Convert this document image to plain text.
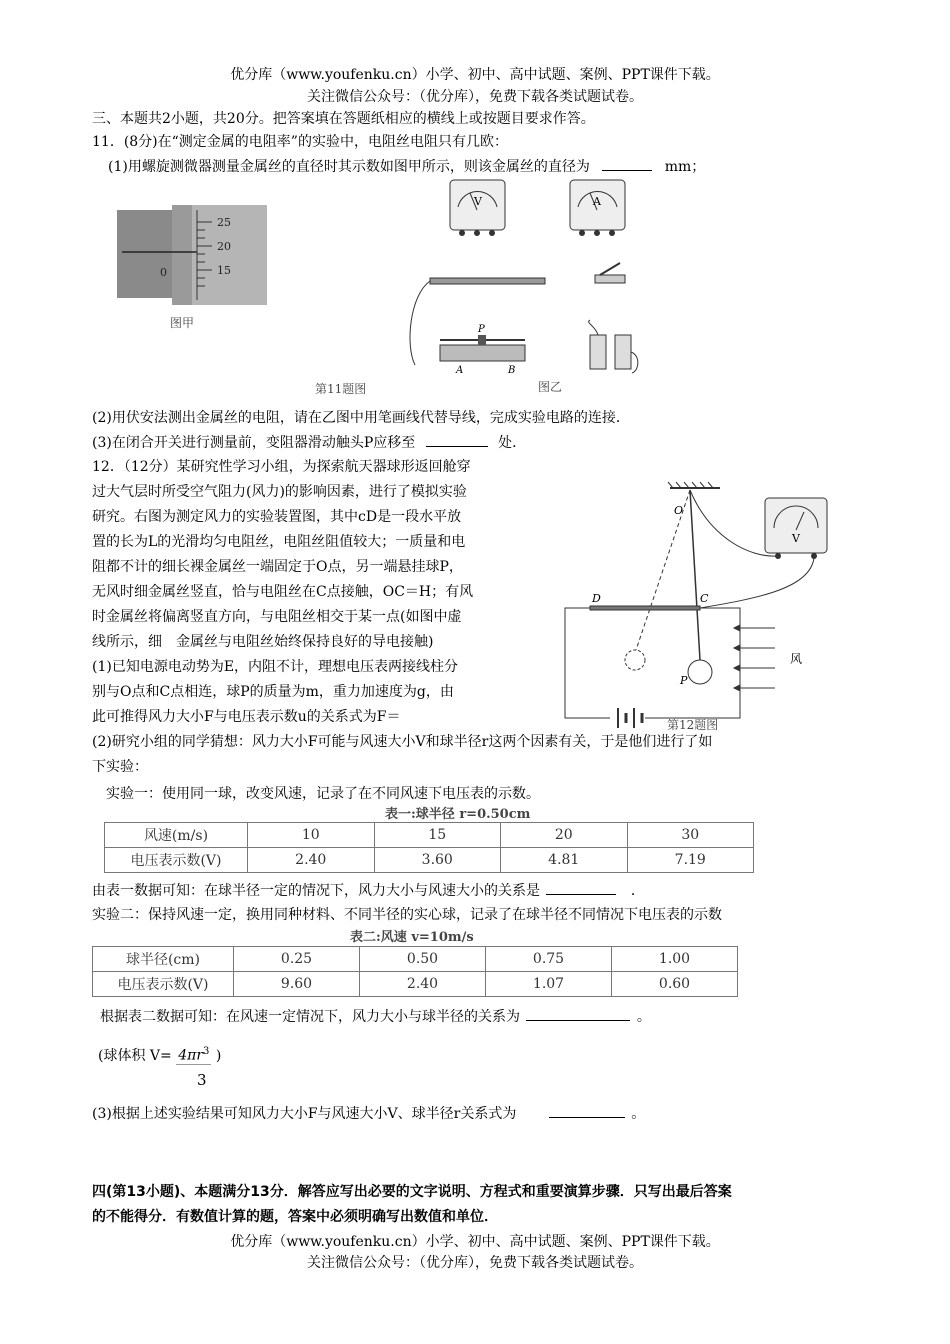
优分库（www.youfenku.cn）小学、初中、高中试题、案例、PPT课件下载。
关注微信公众号：（优分库），免费下载各类试题试卷。
三、本题共2小题，共20分。把答案填在答题纸相应的横线上或按题目要求作答。
11．(8分)在“测定金属的电阻率”的实验中，电阻丝电阻只有几欧：
(1)用螺旋测微器测量金属丝的直径时其示数如图甲所示，则该金属丝的直径为	mm；
25
20
15
0
图甲
V	A
P
A	B
第11题图	图乙
(2)用伏安法测出金属丝的电阻，请在乙图中用笔画线代替导线，完成实验电路的连接．
(3)在闭合开关进行测量前，变阻器滑动触头P应移至	处．
12．（12分）某研究性学习小组，为探索航天器球形返回舱穿
过大气层时所受空气阻力(风力)的影响因素，进行了模拟实验
研究。右图为测定风力的实验装置图，其中cD是一段水平放
置的长为L的光滑均匀电阻丝，电阻丝阻值较大；一质量和电
阻都不计的细长裸金属丝一端固定于O点，另一端悬挂球P，
无风时细金属丝竖直，恰与电阻丝在C点接触，OC＝H；有风
时金属丝将偏离竖直方向，与电阻丝相交于某一点(如图中虚
线所示，细　金属丝与电阻丝始终保持良好的导电接触)
(1)已知电源电动势为E，内阻不计，理想电压表两接线柱分
别与O点和C点相连，球P的质量为m，重力加速度为g，由
此可推得风力大小F与电压表示数u的关系式为F＝
O
P
D	C
V
风
第12题图
(2)研究小组的同学猜想：风力大小F可能与风速大小V和球半径r这两个因素有关，于是他们进行了如
下实验：
实验一：使用同一球，改变风速，记录了在不同风速下电压表的示数。
表一:球半径 r=0.50cm
风速(m/s)	10	15	20	30
电压表示数(V)	2.40	3.60	4.81	7.19
由表一数据可知：在球半径一定的情况下，风力大小与风速大小的关系是	．
实验二：保持风速一定，换用同种材料、不同半径的实心球，记录了在球半径不同情况下电压表的示数
表二:风速 v=10m/s
球半径(cm)	0.25	0.50	0.75	1.00
电压表示数(V)	9.60	2.40	1.07	0.60
根据表二数据可知：在风速一定情况下，风力大小与球半径的关系为	。
(球体积 $V= 4\pi r^3$ )
3
(3)根据上述实验结果可知风力大小F与风速大小V、球半径r关系式为	。
四(第13小题)、本题满分13分．解答应写出必要的文字说明、方程式和重要演算步骤．只写出最后答案
的不能得分．有数值计算的题，答案中必须明确写出数值和单位．
优分库（www.youfenku.cn）小学、初中、高中试题、案例、PPT课件下载。
关注微信公众号：（优分库），免费下载各类试题试卷。
